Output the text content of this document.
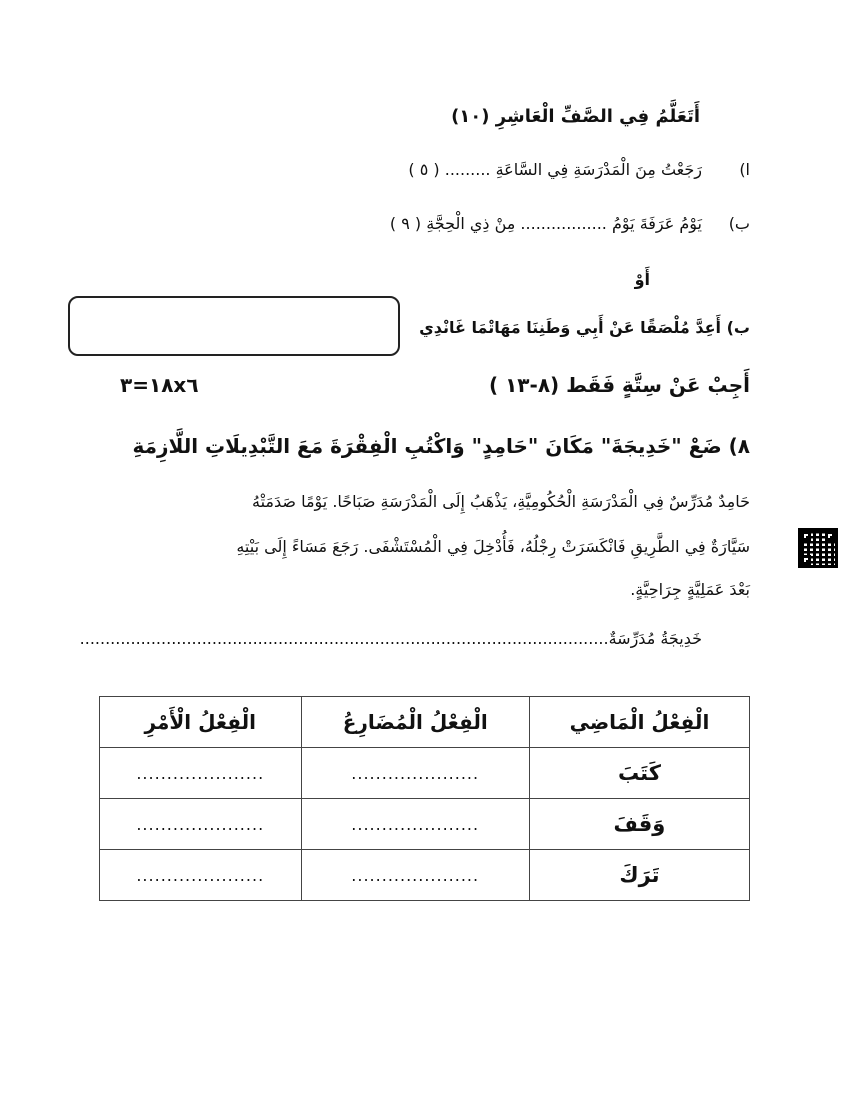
أَتَعَلَّمُ فِي الصَّفِّ الْعَاشِرِ (١٠)
ا)
رَجَعْتُ مِنَ الْمَدْرَسَةِ فِي السَّاعَةِ ......... ( ٥ )
ب)
يَوْمُ عَرَفَةَ يَوْمُ ................. مِنْ ذِي الْحِجَّةِ ( ٩ )
أَوْ
ب) أَعِدَّ مُلْصَقًا عَنْ أَبِي وَطَنِنَا مَهَاتْمَا غَانْدِي
أَجِبْ عَنْ سِتَّةٍ فَقَط (٨-١٣ )
١٨=٣x٦
٨) ضَعْ "خَدِيجَةَ" مَكَانَ "حَامِدٍ" وَاكْتُبِ الْفِقْرَةَ مَعَ التَّبْدِيلَاتِ اللَّازِمَةِ
حَامِدٌ مُدَرِّسٌ فِي الْمَدْرَسَةِ الْحُكُومِيَّةِ، يَذْهَبُ إِلَى الْمَدْرَسَةِ صَبَاحًا. يَوْمًا صَدَمَتْهُ
سَيَّارَةٌ فِي الطَّرِيقِ فَانْكَسَرَتْ رِجْلُهُ، فَأُدْخِلَ فِي الْمُسْتَشْفَى. رَجَعَ مَسَاءً إِلَى بَيْتِهِ
بَعْدَ عَمَلِيَّةٍ جِرَاحِيَّةٍ.
خَدِيجَةُ مُدَرِّسَةٌ........................................................................................................
الْفِعْلُ الْمَاضِي	الْفِعْلُ الْمُضَارِعُ	الْفِعْلُ الْأَمْرِ
كَتَبَ	.....................	.....................
وَقَفَ	.....................	.....................
تَرَكَ	.....................	.....................
